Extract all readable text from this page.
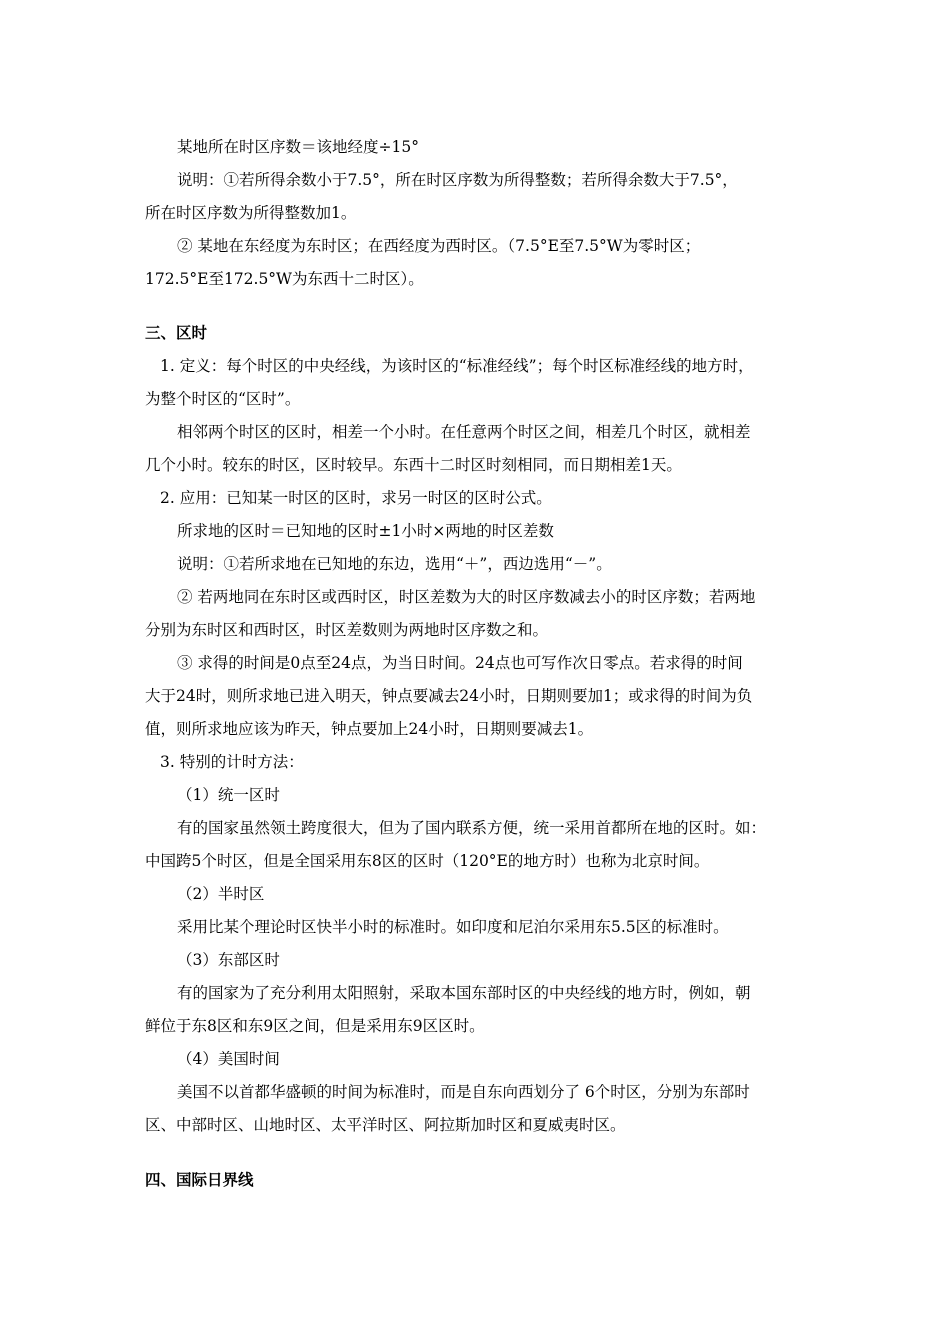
某地所在时区序数＝该地经度÷15°
说明：①若所得余数小于7.5°，所在时区序数为所得整数；若所得余数大于7.5°，
所在时区序数为所得整数加1。
② 某地在东经度为东时区；在西经度为西时区。（7.5°E至7.5°W为零时区；
172.5°E至172.5°W为东西十二时区）。
三、区时
1. 定义：每个时区的中央经线，为该时区的“标准经线”；每个时区标准经线的地方时，
为整个时区的“区时”。
相邻两个时区的区时，相差一个小时。在任意两个时区之间，相差几个时区，就相差
几个小时。较东的时区，区时较早。东西十二时区时刻相同，而日期相差1天。
2. 应用：已知某一时区的区时，求另一时区的区时公式。
所求地的区时＝已知地的区时±1小时×两地的时区差数
说明：①若所求地在已知地的东边，选用“＋”，西边选用“－”。
② 若两地同在东时区或西时区，时区差数为大的时区序数减去小的时区序数；若两地
分别为东时区和西时区，时区差数则为两地时区序数之和。
③ 求得的时间是0点至24点，为当日时间。24点也可写作次日零点。若求得的时间
大于24时，则所求地已进入明天，钟点要减去24小时，日期则要加1；或求得的时间为负
值，则所求地应该为昨天，钟点要加上24小时，日期则要减去1。
3. 特别的计时方法：
（1）统一区时
有的国家虽然领土跨度很大，但为了国内联系方便，统一采用首都所在地的区时。如：
中国跨5个时区，但是全国采用东8区的区时（120°E的地方时）也称为北京时间。
（2）半时区
采用比某个理论时区快半小时的标准时。如印度和尼泊尔采用东5.5区的标准时。
（3）东部区时
有的国家为了充分利用太阳照射，采取本国东部时区的中央经线的地方时，例如，朝
鲜位于东8区和东9区之间，但是采用东9区区时。
（4）美国时间
美国不以首都华盛顿的时间为标准时，而是自东向西划分了 6个时区，分别为东部时
区、中部时区、山地时区、太平洋时区、阿拉斯加时区和夏威夷时区。
四、国际日界线
